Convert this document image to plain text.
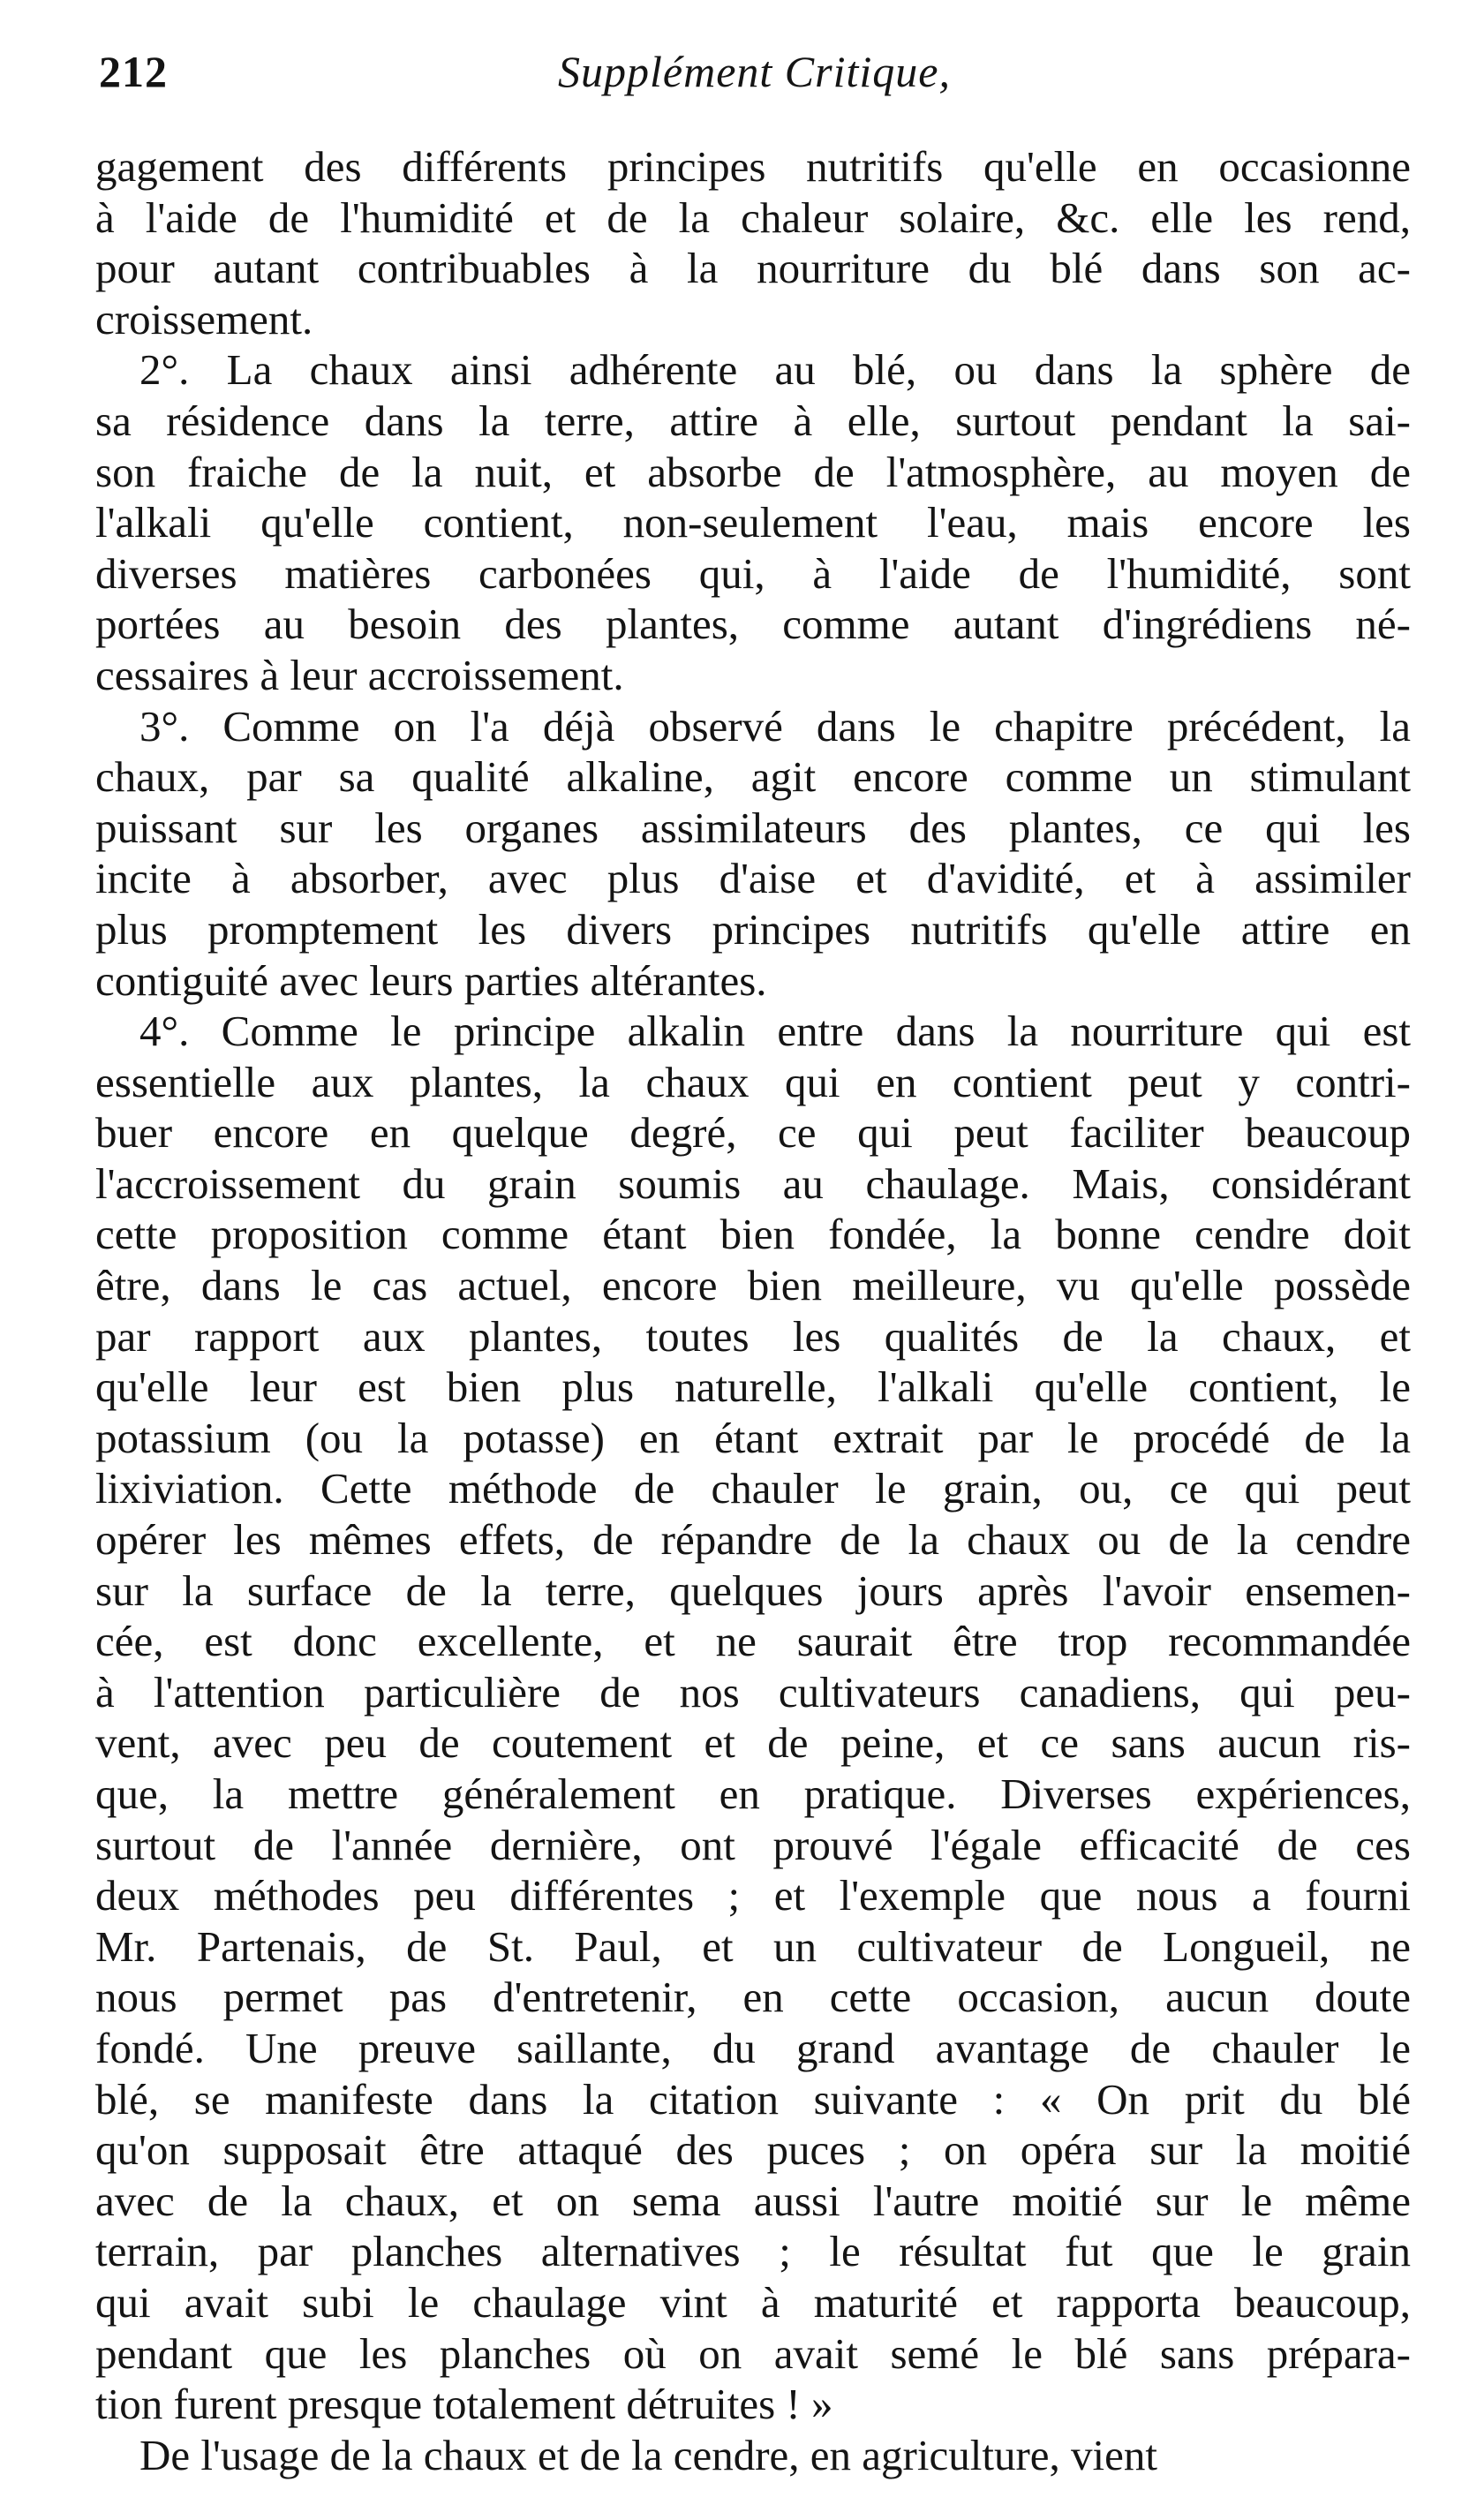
212	Supplément Critique,
gagement des différents principes nutritifs qu'elle en occasionne
à l'aide de l'humidité et de la chaleur solaire, &c. elle les rend,
pour autant contribuables à la nourriture du blé dans son ac-
croissement.
2°. La chaux ainsi adhérente au blé, ou dans la sphère de
sa résidence dans la terre, attire à elle, surtout pendant la sai-
son fraiche de la nuit, et absorbe de l'atmosphère, au moyen de
l'alkali qu'elle contient, non-seulement l'eau, mais encore les
diverses matières carbonées qui, à l'aide de l'humidité, sont
portées au besoin des plantes, comme autant d'ingrédiens né-
cessaires à leur accroissement.
3°. Comme on l'a déjà observé dans le chapitre précédent, la
chaux, par sa qualité alkaline, agit encore comme un stimulant
puissant sur les organes assimilateurs des plantes, ce qui les
incite à absorber, avec plus d'aise et d'avidité, et à assimiler
plus promptement les divers principes nutritifs qu'elle attire en
contiguité avec leurs parties altérantes.
4°. Comme le principe alkalin entre dans la nourriture qui est
essentielle aux plantes, la chaux qui en contient peut y contri-
buer encore en quelque degré, ce qui peut faciliter beaucoup
l'accroissement du grain soumis au chaulage. Mais, considérant
cette proposition comme étant bien fondée, la bonne cendre doit
être, dans le cas actuel, encore bien meilleure, vu qu'elle possède
par rapport aux plantes, toutes les qualités de la chaux, et
qu'elle leur est bien plus naturelle, l'alkali qu'elle contient, le
potassium (ou la potasse) en étant extrait par le procédé de la
lixiviation. Cette méthode de chauler le grain, ou, ce qui peut
opérer les mêmes effets, de répandre de la chaux ou de la cendre
sur la surface de la terre, quelques jours après l'avoir ensemen-
cée, est donc excellente, et ne saurait être trop recommandée
à l'attention particulière de nos cultivateurs canadiens, qui peu-
vent, avec peu de coutement et de peine, et ce sans aucun ris-
que, la mettre généralement en pratique. Diverses expériences,
surtout de l'année dernière, ont prouvé l'égale efficacité de ces
deux méthodes peu différentes ; et l'exemple que nous a fourni
Mr. Partenais, de St. Paul, et un cultivateur de Longueil, ne
nous permet pas d'entretenir, en cette occasion, aucun doute
fondé. Une preuve saillante, du grand avantage de chauler le
blé, se manifeste dans la citation suivante : « On prit du blé
qu'on supposait être attaqué des puces ; on opéra sur la moitié
avec de la chaux, et on sema aussi l'autre moitié sur le même
terrain, par planches alternatives ; le résultat fut que le grain
qui avait subi le chaulage vint à maturité et rapporta beaucoup,
pendant que les planches où on avait semé le blé sans prépara-
tion furent presque totalement détruites ! »
De l'usage de la chaux et de la cendre, en agriculture, vient
